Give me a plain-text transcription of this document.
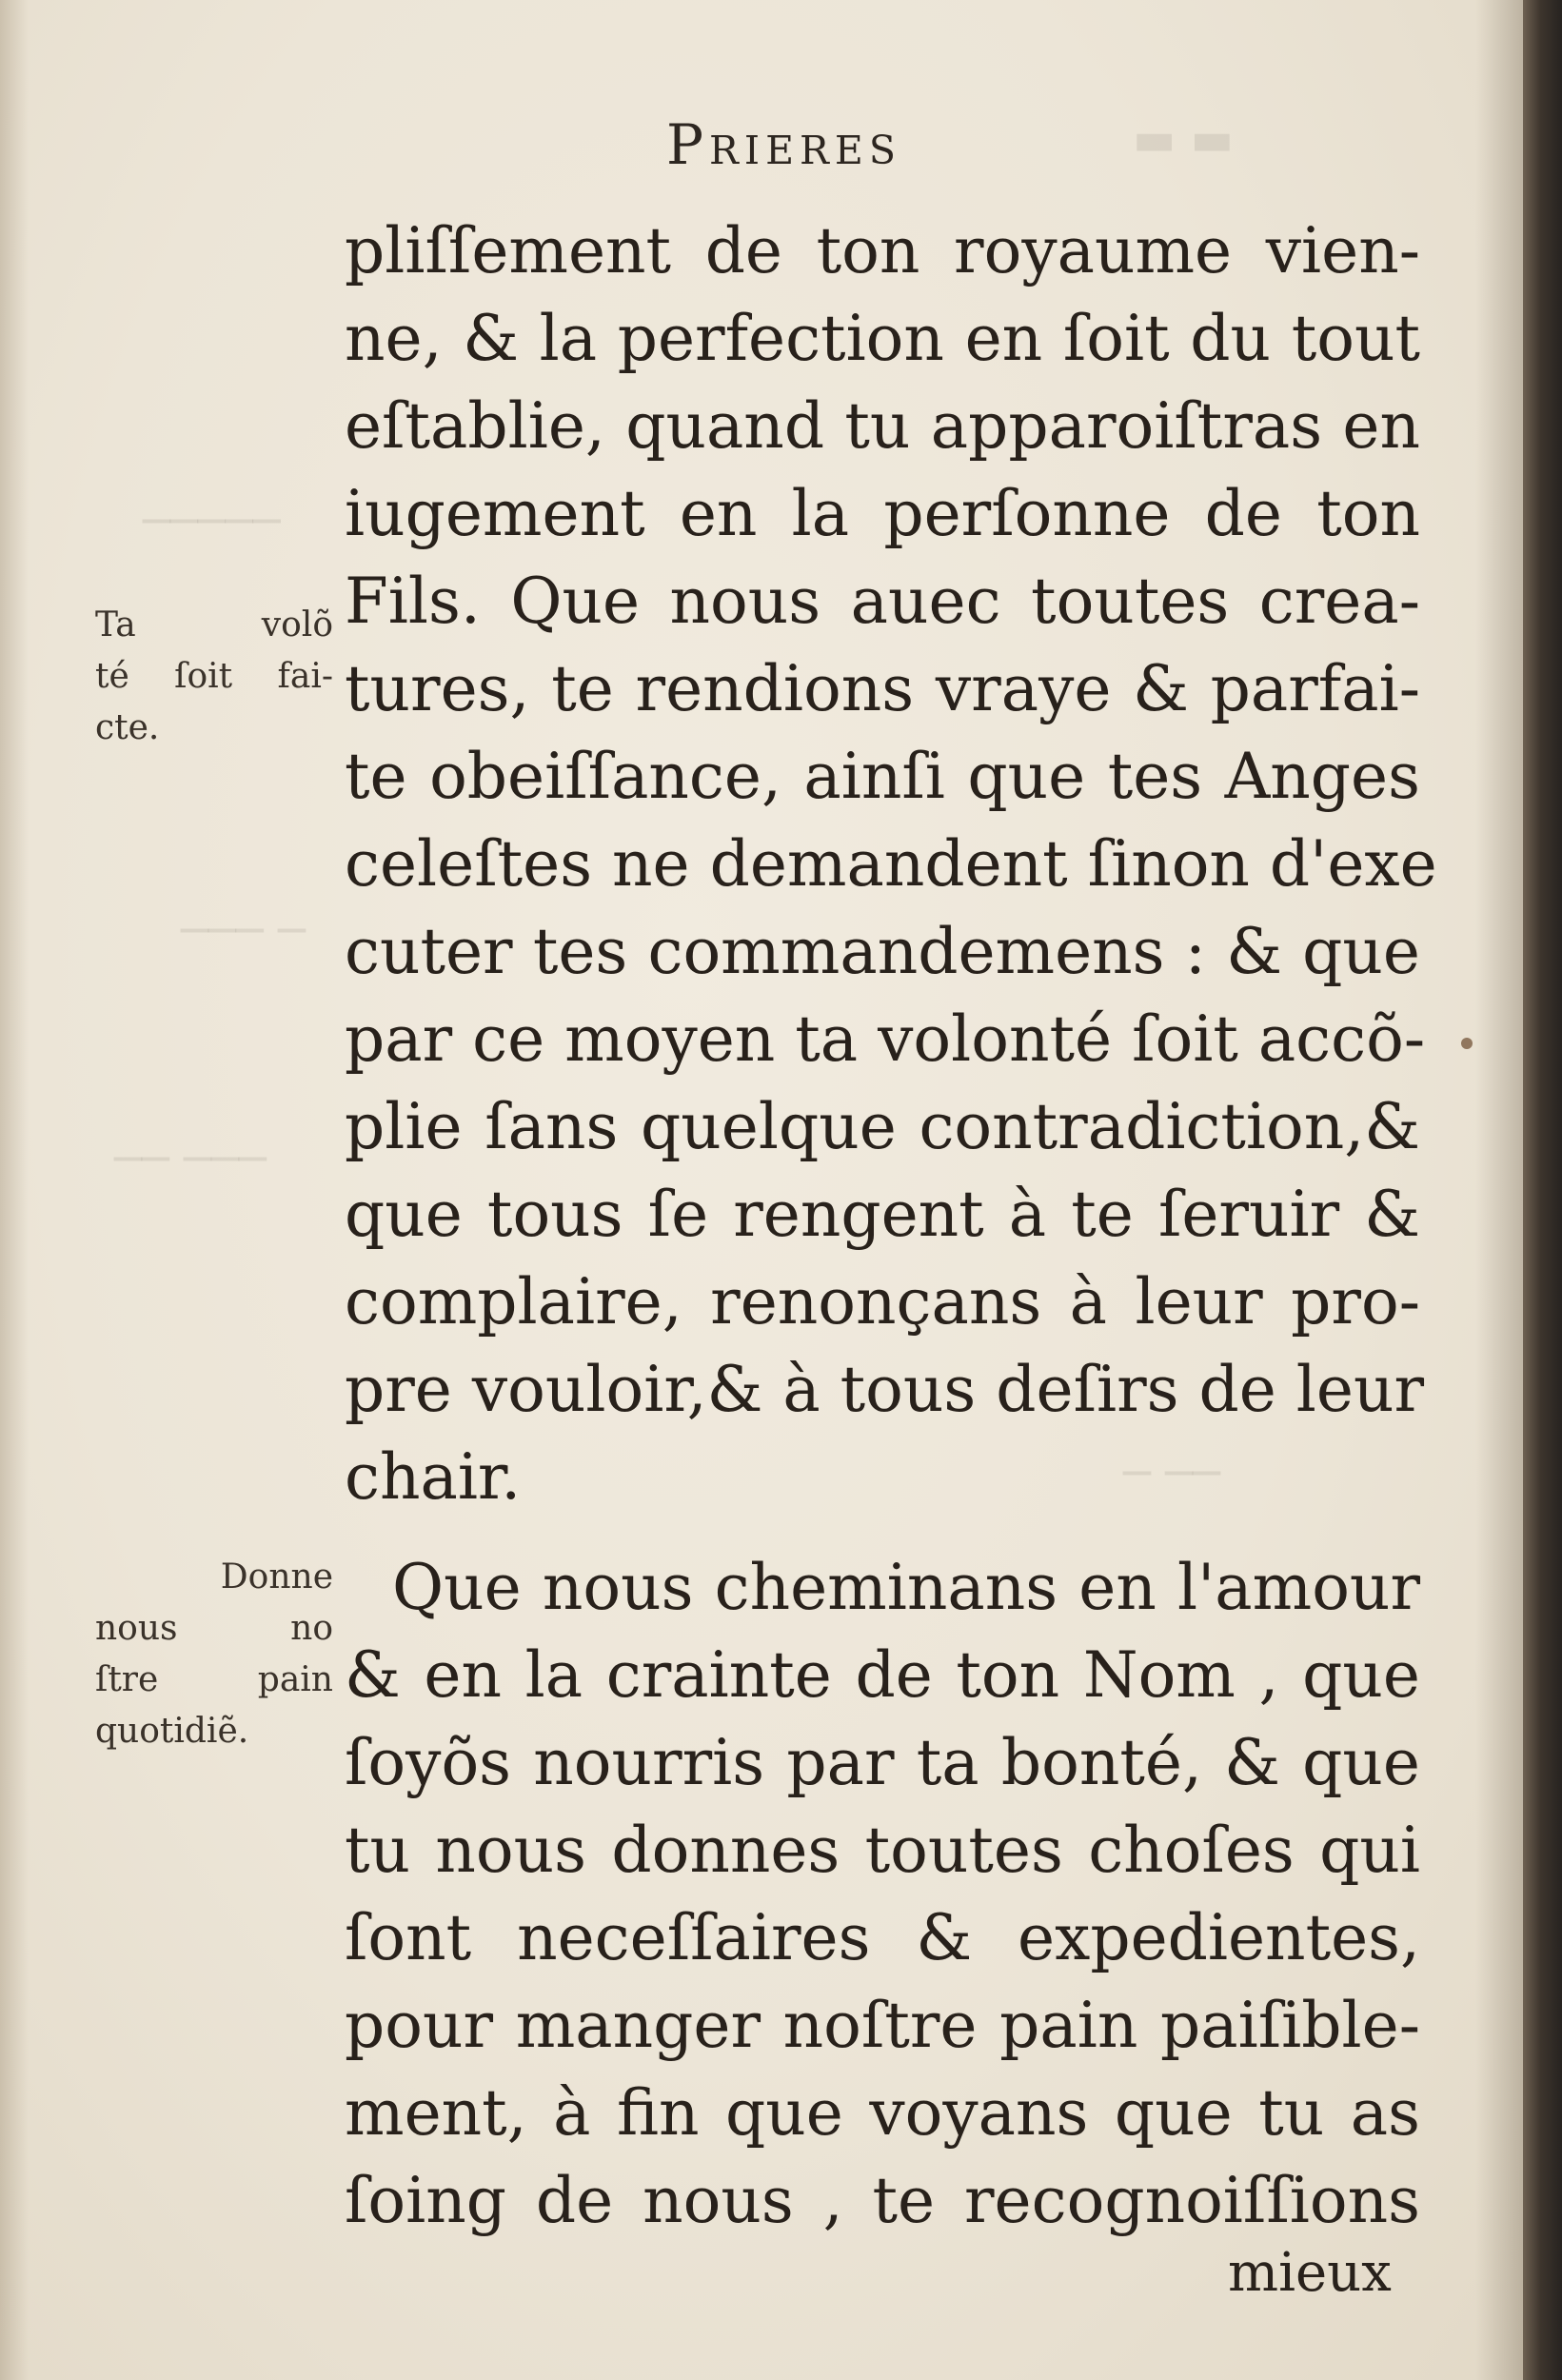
▬ ▬
─────
─── ─
── ───
─ ──
Prieres

pliſſement de ton royaume vien-

ne, & la perfection en ſoit du tout

eſtablie, quand tu apparoiſtras en

iugement en la perſonne de ton

Fils. Que nous auec toutes crea-

tures, te rendions vraye & parfai-

te obeiſſance, ainſi que tes Anges

celeſtes ne demandent ſinon d'exe

cuter tes commandemens : & que

par ce moyen ta volonté ſoit accõ-

plie ſans quelque contradiction,&

que tous ſe rengent à te ſeruir &

complaire, renonçans à leur pro-

pre vouloir,& à tous deſirs de leur

chair.

Que nous cheminans en l'amour

& en la crainte de ton Nom , que

ſoyõs nourris par ta bonté, & que

tu nous donnes toutes choſes qui

ſont neceſſaires & expedientes,

pour manger noſtre pain paiſible-

ment, à fin que voyans que tu as

ſoing de nous , te recognoiſſions

mieux

Ta volõ
té ſoit fai-
cte.
Donne
nous no
ſtre pain
quotidiẽ.
